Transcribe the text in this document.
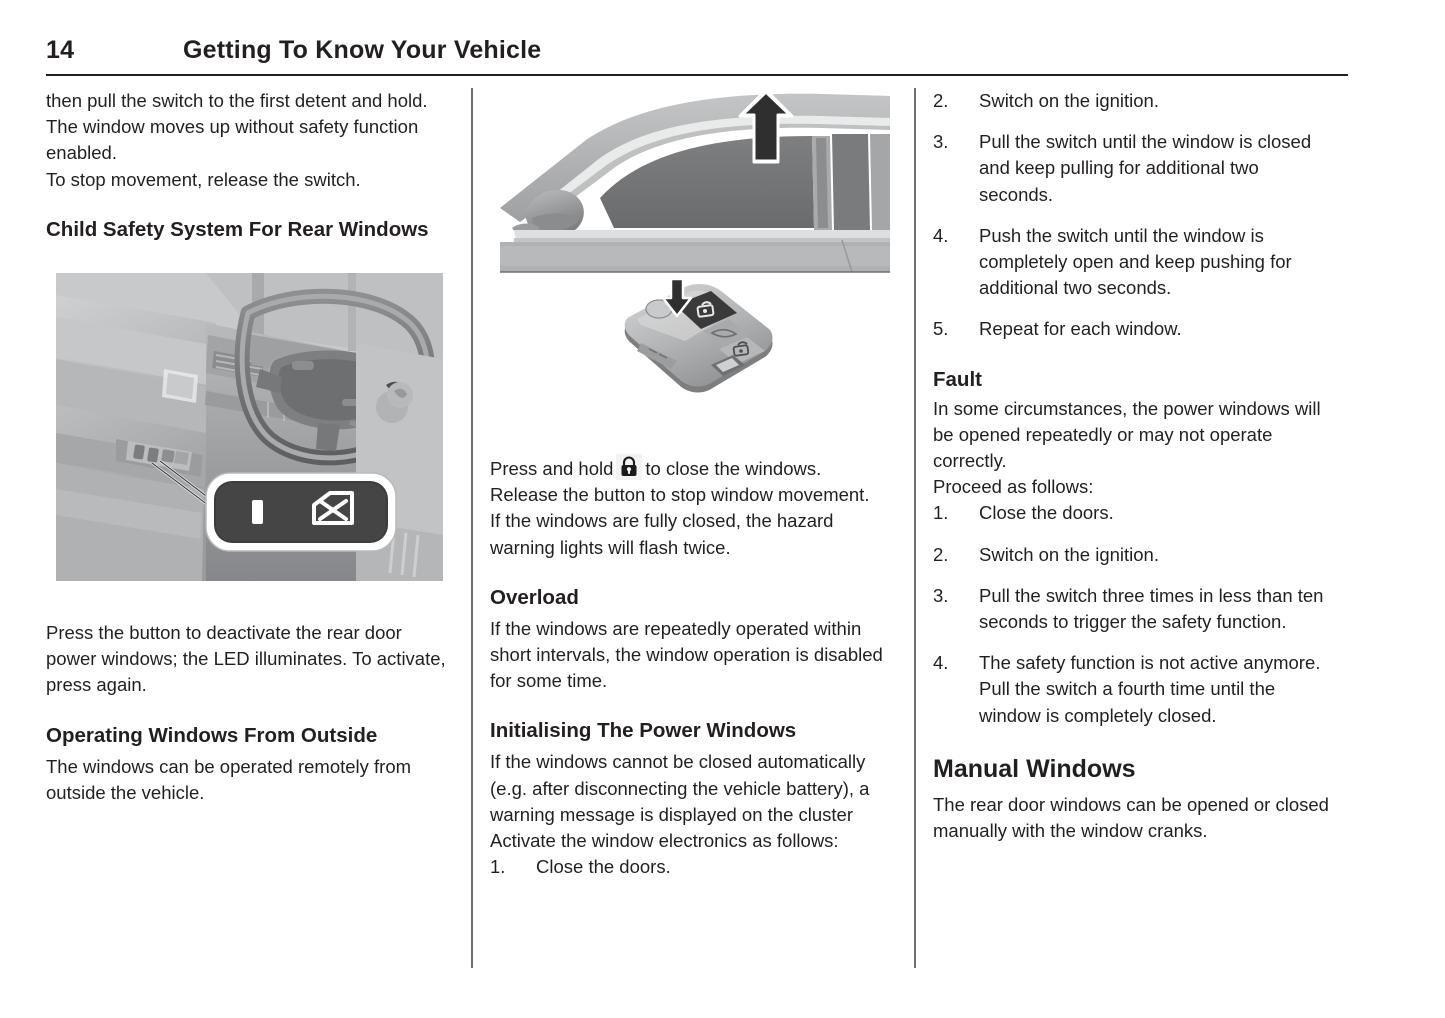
14	Getting To Know Your Vehicle

then pull the switch to the first detent and hold. The window moves up without safety function enabled.

To stop movement, release the switch.

Child Safety System For Rear Windows

Press the button to deactivate the rear door power windows; the LED illuminates. To activate, press again.

Operating Windows From Outside

The windows can be operated remotely from outside the vehicle.

Press and hold to close the windows.

Release the button to stop window movement.

If the windows are fully closed, the hazard warning lights will flash twice.

Overload

If the windows are repeatedly operated within short intervals, the window operation is disabled for some time.

Initialising The Power Windows

If the windows cannot be closed automatically (e.g. after disconnecting the vehicle battery), a warning message is displayed on the cluster

Activate the window electronics as follows:

1.	Close the doors.
2.	Switch on the ignition.
3.	Pull the switch until the window is closed and keep pulling for additional two seconds.
4.	Push the switch until the window is completely open and keep pushing for additional two seconds.
5.	Repeat for each window.
Fault

In some circumstances, the power windows will be opened repeatedly or may not operate correctly.

Proceed as follows:

1.	Close the doors.
2.	Switch on the ignition.
3.	Pull the switch three times in less than ten seconds to trigger the safety function.
4.	The safety function is not active anymore. Pull the switch a fourth time until the window is completely closed.
Manual Windows

The rear door windows can be opened or closed manually with the window cranks.
